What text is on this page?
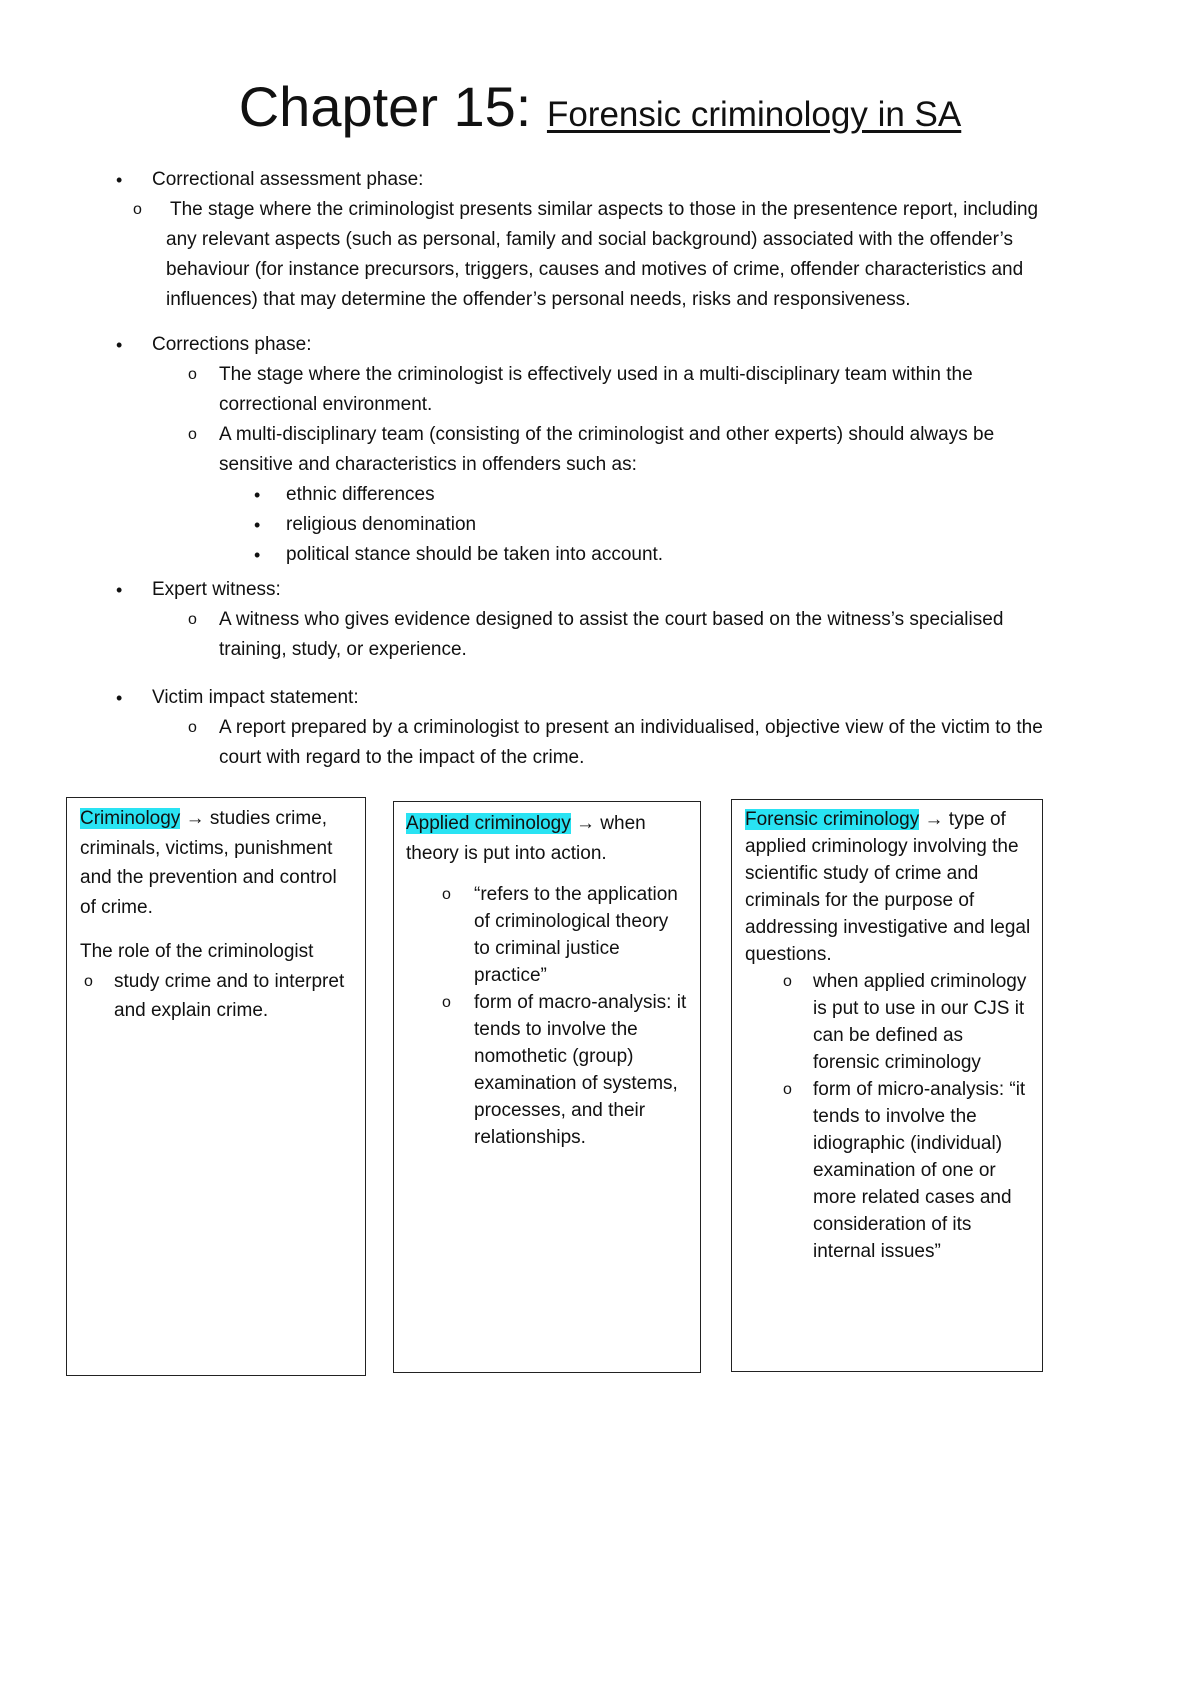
Chapter 15: Forensic criminology in SA
• Correctional assessment phase:
o The stage where the criminologist presents similar aspects to those in the presentence report, including
any relevant aspects (such as personal, family and social background) associated with the offender’s
behaviour (for instance precursors, triggers, causes and motives of crime, offender characteristics and
influences) that may determine the offender’s personal needs, risks and responsiveness.
• Corrections phase:
o The stage where the criminologist is effectively used in a multi-disciplinary team within the
correctional environment.
o A multi-disciplinary team (consisting of the criminologist and other experts) should always be
sensitive and characteristics in offenders such as:
• ethnic differences
• religious denomination
• political stance should be taken into account.
• Expert witness:
o A witness who gives evidence designed to assist the court based on the witness’s specialised
training, study, or experience.
• Victim impact statement:
o A report prepared by a criminologist to present an individualised, objective view of the victim to the
court with regard to the impact of the crime.
Criminology → studies crime,
criminals, victims, punishment
and the prevention and control
of crime.
The role of the criminologist
o study crime and to interpret
and explain crime.
Applied criminology → when
theory is put into action.
o “refers to the application
of criminological theory
to criminal justice
practice”
o form of macro-analysis: it
tends to involve the
nomothetic (group)
examination of systems,
processes, and their
relationships.
Forensic criminology → type of
applied criminology involving the
scientific study of crime and
criminals for the purpose of
addressing investigative and legal
questions.
o when applied criminology
is put to use in our CJS it
can be defined as
forensic criminology
o form of micro-analysis: “it
tends to involve the
idiographic (individual)
examination of one or
more related cases and
consideration of its
internal issues”
